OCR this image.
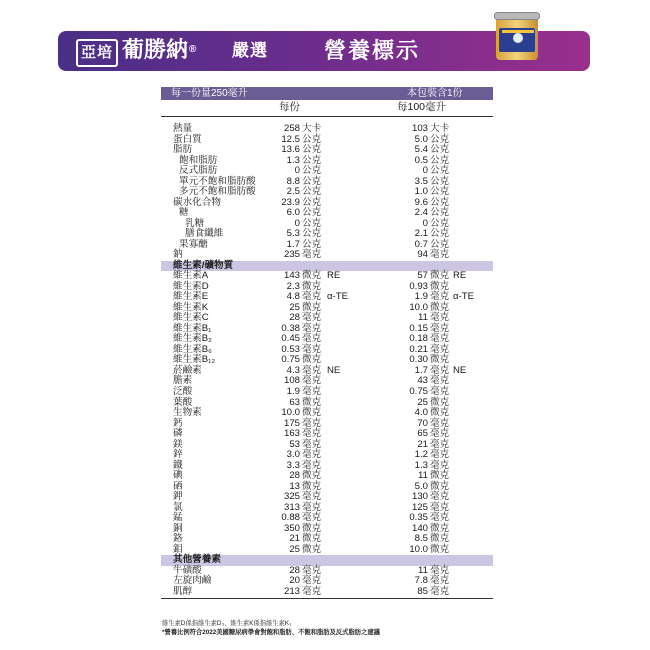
亞培 葡勝納® 嚴選	營養標示
每一份量250毫升	本包裝含1份
每份	每100毫升
熱量	258 大卡	103 大卡
蛋白質	12.5 公克	5.0 公克
脂肪	13.6 公克	5.4 公克
飽和脂肪	1.3 公克	0.5 公克
反式脂肪	0 公克	0 公克
單元不飽和脂肪酸	8.8 公克	3.5 公克
多元不飽和脂肪酸	2.5 公克	1.0 公克
碳水化合物	23.9 公克	9.6 公克
糖	6.0 公克	2.4 公克
乳糖	0 公克	0 公克
膳食纖維	5.3 公克	2.1 公克
果寡醣	1.7 公克	0.7 公克
鈉	235 毫克	94 毫克
維生素/礦物質
維生素A	143 微克 RE	57 微克 RE
維生素D	2.3 微克	0.93 微克
維生素E	4.8 毫克 α-TE	1.9 毫克 α-TE
維生素K	25 微克	10.0 微克
維生素C	28 毫克	11 毫克
維生素B₁	0.38 毫克	0.15 毫克
維生素B₂	0.45 毫克	0.18 毫克
維生素B₆	0.53 毫克	0.21 毫克
維生素B₁₂	0.75 微克	0.30 微克
菸鹼素	4.3 毫克 NE	1.7 毫克 NE
膽素	108 毫克	43 毫克
泛酸	1.9 毫克	0.75 毫克
葉酸	63 微克	25 微克
生物素	10.0 微克	4.0 微克
鈣	175 毫克	70 毫克
磷	163 毫克	65 毫克
鎂	53 毫克	21 毫克
鋅	3.0 毫克	1.2 毫克
鐵	3.3 毫克	1.3 毫克
碘	28 微克	11 微克
硒	13 微克	5.0 微克
鉀	325 毫克	130 毫克
氯	313 毫克	125 毫克
錳	0.88 毫克	0.35 毫克
銅	350 微克	140 微克
鉻	21 微克	8.5 微克
鉬	25 微克	10.0 微克
其他營養素
牛磺酸	28 毫克	11 毫克
左旋肉鹼	20 毫克	7.8 毫克
肌醇	213 毫克	85 毫克
維生素D係指維生素D₃、維生素K係指維生素K₁
*營養比例符合2022美國糖尿病學會對飽和脂肪、不飽和脂肪及反式脂肪之建議
